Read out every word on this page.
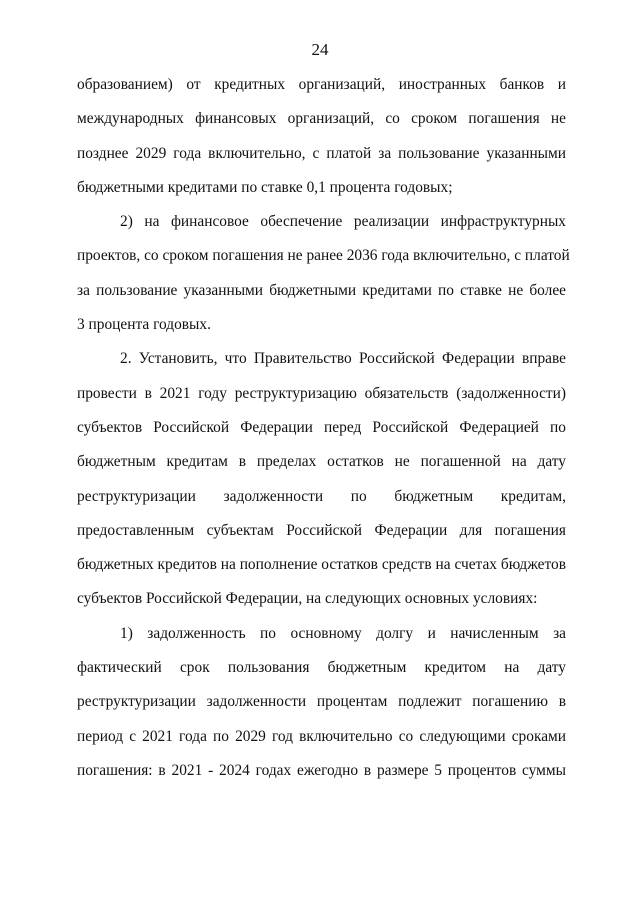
24
образованием) от кредитных организаций, иностранных банков и
международных финансовых организаций, со сроком погашения не
позднее 2029 года включительно, с платой за пользование указанными
бюджетными кредитами по ставке 0,1 процента годовых;
2) на финансовое обеспечение реализации инфраструктурных
проектов, со сроком погашения не ранее 2036 года включительно, с платой
за пользование указанными бюджетными кредитами по ставке не более
3 процента годовых.
2. Установить, что Правительство Российской Федерации вправе
провести в 2021 году реструктуризацию обязательств (задолженности)
субъектов Российской Федерации перед Российской Федерацией по
бюджетным кредитам в пределах остатков не погашенной на дату
реструктуризации задолженности по бюджетным кредитам,
предоставленным субъектам Российской Федерации для погашения
бюджетных кредитов на пополнение остатков средств на счетах бюджетов
субъектов Российской Федерации, на следующих основных условиях:
1) задолженность по основному долгу и начисленным за
фактический срок пользования бюджетным кредитом на дату
реструктуризации задолженности процентам подлежит погашению в
период с 2021 года по 2029 год включительно со следующими сроками
погашения: в 2021 - 2024 годах ежегодно в размере 5 процентов суммы
